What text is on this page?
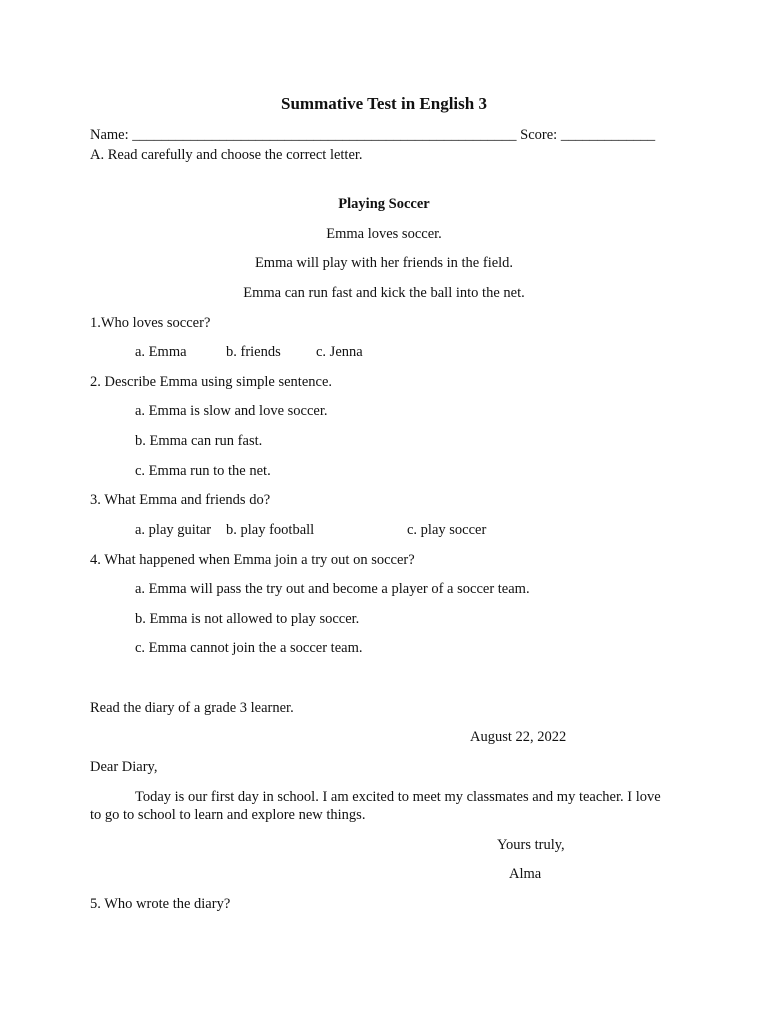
Summative Test in English 3
Name: _____________________________________________________ Score: _____________
A. Read carefully and choose the correct letter.
Playing Soccer
Emma loves soccer.
Emma will play with her friends in the field.
Emma can run fast and kick the ball into the net.
1.Who loves soccer?
a. Emma	b. friends c. Jenna
2. Describe Emma using simple sentence.
a. Emma is slow and love soccer.
b. Emma can run fast.
c. Emma run to the net.
3. What Emma and friends do?
a. play guitar b. play football	c. play soccer
4. What happened when Emma join a try out on soccer?
a. Emma will pass the try out and become a player of a soccer team.
b. Emma is not allowed to play soccer.
c. Emma cannot join the a soccer team.
Read the diary of a grade 3 learner.
August 22, 2022
Dear Diary,
Today is our first day in school. I am excited to meet my classmates and my teacher. I love to go to school to learn and explore new things.
Yours truly,
Alma
5. Who wrote the diary?
